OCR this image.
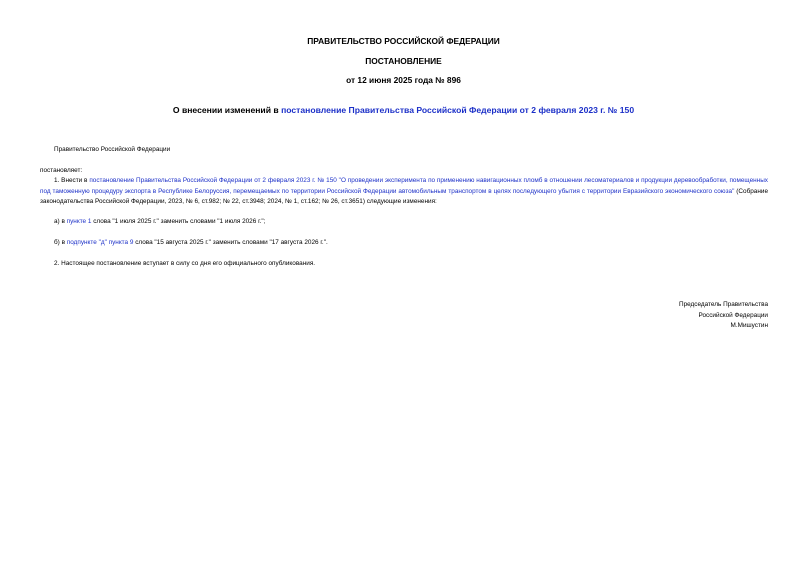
ПРАВИТЕЛЬСТВО РОССИЙСКОЙ ФЕДЕРАЦИИ
ПОСТАНОВЛЕНИЕ
от 12 июня 2025 года № 896
О внесении изменений в постановление Правительства Российской Федерации от 2 февраля 2023 г. № 150
Правительство Российской Федерации
постановляет:
1. Внести в постановление Правительства Российской Федерации от 2 февраля 2023 г. № 150 "О проведении эксперимента по применению навигационных пломб в отношении лесоматериалов и продукции деревообработки, помещенных под таможенную процедуру экспорта в Республике Белоруссия, перемещаемых по территории Российской Федерации автомобильным транспортом в целях последующего убытия с территории Евразийского экономического союза" (Собрание законодательства Российской Федерации, 2023, № 6, ст.982; № 22, ст.3948; 2024, № 1, ст.162; № 26, ст.3651) следующие изменения:
а) в пункте 1 слова "1 июля 2025 г." заменить словами "1 июля 2026 г.";
б) в подпункте "д" пункта 9 слова "15 августа 2025 г." заменить словами "17 августа 2026 г.".
2. Настоящее постановление вступает в силу со дня его официального опубликования.
Председатель Правительства
Российской Федерации
М.Мишустин
